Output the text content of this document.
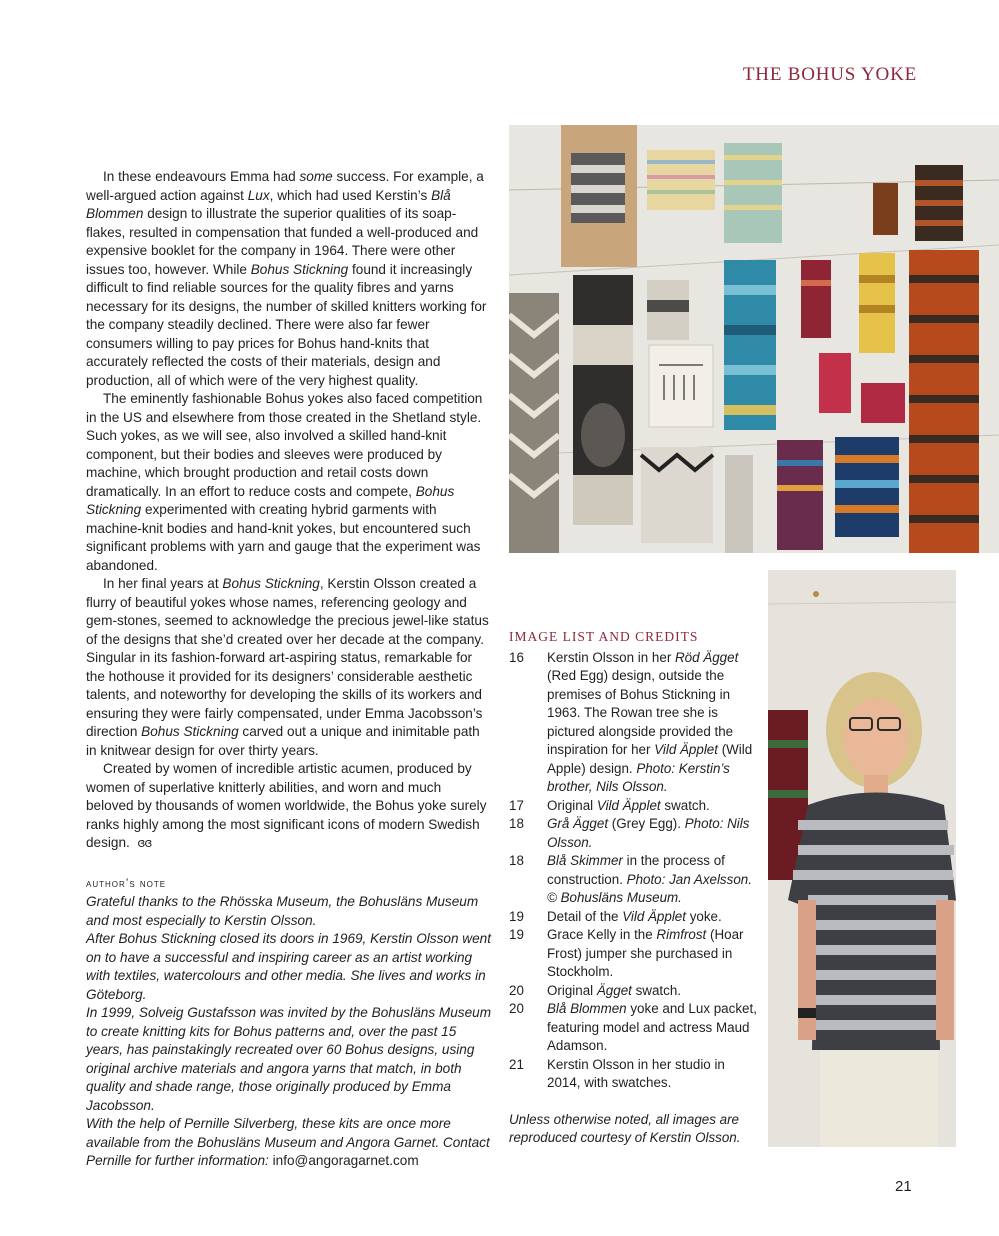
THE BOHUS YOKE

In these endeavours Emma had some success. For example, a well-argued action against Lux, which had used Kerstin’s Blå Blommen design to illustrate the superior qualities of its soap-flakes, resulted in compensation that funded a well-produced and expensive booklet for the company in 1964. There were other issues too, however. While Bohus Stickning found it increasingly difficult to find reliable sources for the quality fibres and yarns necessary for its designs, the number of skilled knitters working for the company steadily declined. There were also far fewer consumers willing to pay prices for Bohus hand-knits that accurately reflected the costs of their materials, design and production, all of which were of the very highest quality.

The eminently fashionable Bohus yokes also faced competition in the US and elsewhere from those created in the Shetland style. Such yokes, as we will see, also involved a skilled hand-knit component, but their bodies and sleeves were produced by machine, which brought production and retail costs down dramatically. In an effort to reduce costs and compete, Bohus Stickning experimented with creating hybrid garments with machine-knit bodies and hand-knit yokes, but encountered such significant problems with yarn and gauge that the experiment was abandoned.

In her final years at Bohus Stickning, Kerstin Olsson created a flurry of beautiful yokes whose names, referencing geology and gem-stones, seemed to acknowledge the precious jewel-like status of the designs that she’d created over her decade at the company. Singular in its fashion-forward art-aspiring status, remarkable for the hothouse it provided for its designers’ considerable aesthetic talents, and noteworthy for developing the skills of its workers and ensuring they were fairly compensated, under Emma Jacobsson’s direction Bohus Stickning carved out a unique and inimitable path in knitwear design for over thirty years.

Created by women of incredible artistic acumen, produced by women of superlative knitterly abilities, and worn and much beloved by thousands of women worldwide, the Bohus yoke surely ranks highly among the most significant icons of modern Swedish design. ɞɞ

author’s note

Grateful thanks to the Rhösska Museum, the Bohusläns Museum and most especially to Kerstin Olsson.

After Bohus Stickning closed its doors in 1969, Kerstin Olsson went on to have a successful and inspiring career as an artist working with textiles, watercolours and other media. She lives and works in Göteborg.

In 1999, Solveig Gustafsson was invited by the Bohusläns Museum to create knitting kits for Bohus patterns and, over the past 15 years, has painstakingly recreated over 60 Bohus designs, using original archive materials and angora yarns that match, in both quality and shade range, those originally produced by Emma Jacobsson.

With the help of Pernille Silverberg, these kits are once more available from the Bohusläns Museum and Angora Garnet. Contact Pernille for further information: info@angoragarnet.com

IMAGE LIST AND CREDITS
16	Kerstin Olsson in her Röd Ägget (Red Egg) design, outside the premises of Bohus Stickning in 1963. The Rowan tree she is pictured alongside provided the inspiration for her Vild Äpplet (Wild Apple) design. Photo: Kerstin’s brother, Nils Olsson.
17	Original Vild Äpplet swatch.
18	Grå Ägget (Grey Egg). Photo: Nils Olsson.
18	Blå Skimmer in the process of construction. Photo: Jan Axelsson. © Bohusläns Museum.
19	Detail of the Vild Äpplet yoke.
19	Grace Kelly in the Rimfrost (Hoar Frost) jumper she purchased in Stockholm.
20	Original Ägget swatch.
20	Blå Blommen yoke and Lux packet, featuring model and actress Maud Adamson.
21	Kerstin Olsson in her studio in 2014, with swatches.
Unless otherwise noted, all images are reproduced courtesy of Kerstin Olsson.
21
